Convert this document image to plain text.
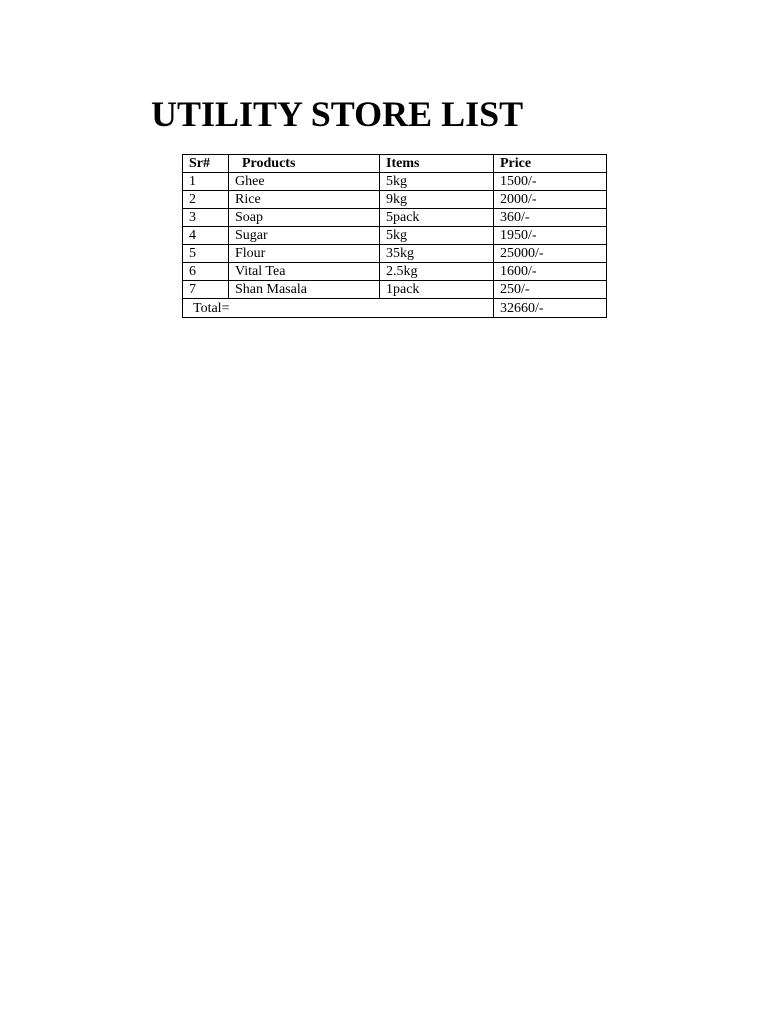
UTILITY STORE LIST
Sr#	Products	Items	Price
1	Ghee	5kg	1500/-
2	Rice	9kg	2000/-
3	Soap	5pack	360/-
4	Sugar	5kg	1950/-
5	Flour	35kg	25000/-
6	Vital Tea	2.5kg	1600/-
7	Shan Masala	1pack	250/-
Total=			32660/-
